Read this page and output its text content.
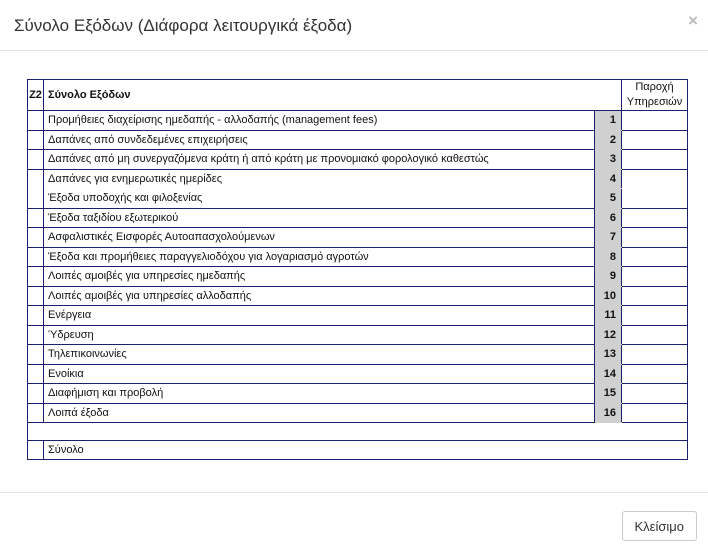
Σύνολο Εξόδων (Διάφορα λειτουργικά έξοδα)	×
Ζ2	Σύνολο Εξόδων		Παροχή Υπηρεσιών
	Προμήθειες διαχείρισης ημεδαπής - αλλοδαπής (management fees)	1	
	Δαπάνες από συνδεδεμένες επιχειρήσεις	2	
	Δαπάνες από μη συνεργαζόμενα κράτη ή από κράτη με προνομιακό φορολογικό καθεστώς	3	
	Δαπάνες για ενημερωτικές ημερίδες	4	
	Έξοδα υποδοχής και φιλοξενίας	5	
	Έξοδα ταξιδίου εξωτερικού	6	
	Ασφαλιστικές Εισφορές Αυτοαπασχολούμενων	7	
	Έξοδα και προμήθειες παραγγελιοδόχου για λογαριασμό αγροτών	8	
	Λοιπές αμοιβές για υπηρεσίες ημεδαπής	9	
	Λοιπές αμοιβές για υπηρεσίες αλλοδαπής	10	
	Ενέργεια	11	
	Ύδρευση	12	
	Τηλεπικοινωνίες	13	
	Ενοίκια	14	
	Διαφήμιση και προβολή	15	
	Λοιπά έξοδα	16	

	Σύνολο		
Κλείσιμο
